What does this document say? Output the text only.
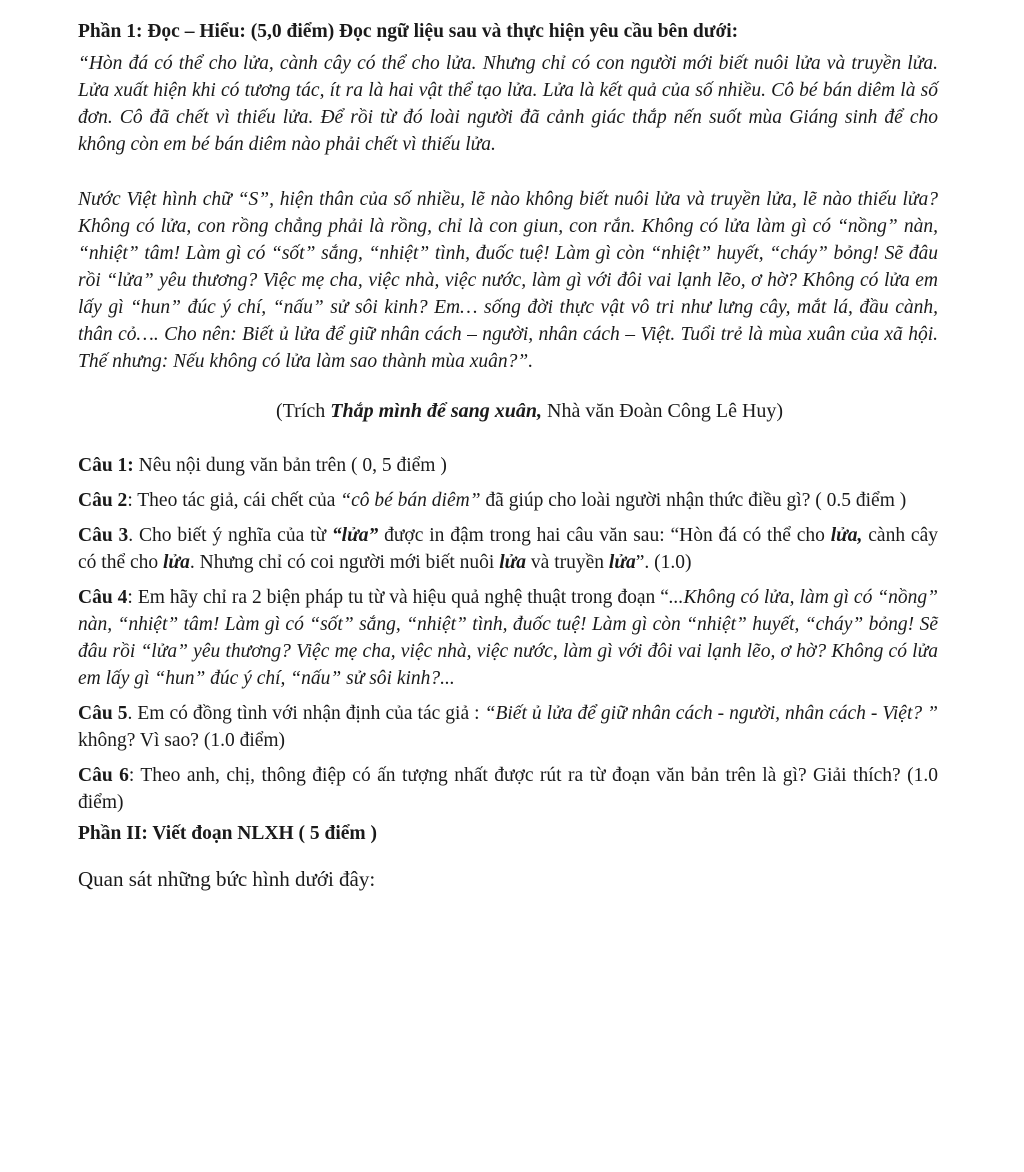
Phần 1: Đọc – Hiểu: (5,0 điểm) Đọc ngữ liệu sau và thực hiện yêu cầu bên dưới:

“Hòn đá có thể cho lửa, cành cây có thể cho lửa. Nhưng chỉ có con người mới biết nuôi lửa và truyền lửa. Lửa xuất hiện khi có tương tác, ít ra là hai vật thể tạo lửa. Lửa là kết quả của số nhiều. Cô bé bán diêm là số đơn. Cô đã chết vì thiếu lửa. Để rồi từ đó loài người đã cảnh giác thắp nến suốt mùa Giáng sinh để cho không còn em bé bán diêm nào phải chết vì thiếu lửa.

Nước Việt hình chữ “S”, hiện thân của số nhiều, lẽ nào không biết nuôi lửa và truyền lửa, lẽ nào thiếu lửa? Không có lửa, con rồng chẳng phải là rồng, chỉ là con giun, con rắn. Không có lửa làm gì có “nồng” nàn, “nhiệt” tâm! Làm gì có “sốt” sắng, “nhiệt” tình, đuốc tuệ! Làm gì còn “nhiệt” huyết, “cháy” bỏng! Sẽ đâu rồi “lửa” yêu thương? Việc mẹ cha, việc nhà, việc nước, làm gì với đôi vai lạnh lẽo, ơ hờ? Không có lửa em lấy gì “hun” đúc ý chí, “nấu” sử sôi kinh? Em… sống đời thực vật vô tri như lưng cây, mắt lá, đầu cành, thân cỏ…. Cho nên: Biết ủ lửa để giữ nhân cách – người, nhân cách – Việt. Tuổi trẻ là mùa xuân của xã hội. Thế nhưng: Nếu không có lửa làm sao thành mùa xuân?”.

(Trích Thắp mình để sang xuân, Nhà văn Đoàn Công Lê Huy)

Câu 1: Nêu nội dung văn bản trên ( 0, 5 điểm )

Câu 2: Theo tác giả, cái chết của “cô bé bán diêm” đã giúp cho loài người nhận thức điều gì? ( 0.5 điểm )

Câu 3. Cho biết ý nghĩa của từ “lửa” được in đậm trong hai câu văn sau: “Hòn đá có thể cho lửa, cành cây có thể cho lửa. Nhưng chỉ có coi người mới biết nuôi lửa và truyền lửa”. (1.0)

Câu 4: Em hãy chỉ ra 2 biện pháp tu từ và hiệu quả nghệ thuật trong đoạn “...Không có lửa, làm gì có “nồng” nàn, “nhiệt” tâm! Làm gì có “sốt” sắng, “nhiệt” tình, đuốc tuệ! Làm gì còn “nhiệt” huyết, “cháy” bỏng! Sẽ đâu rồi “lửa” yêu thương? Việc mẹ cha, việc nhà, việc nước, làm gì với đôi vai lạnh lẽo, ơ hờ? Không có lửa em lấy gì “hun” đúc ý chí, “nấu” sử sôi kinh?...

Câu 5. Em có đồng tình với nhận định của tác giả : “Biết ủ lửa để giữ nhân cách - người, nhân cách - Việt? ” không? Vì sao? (1.0 điểm)

Câu 6: Theo anh, chị, thông điệp có ấn tượng nhất được rút ra từ đoạn văn bản trên là gì? Giải thích? (1.0 điểm)

Phần II: Viết đoạn NLXH ( 5 điểm )

Quan sát những bức hình dưới đây:
